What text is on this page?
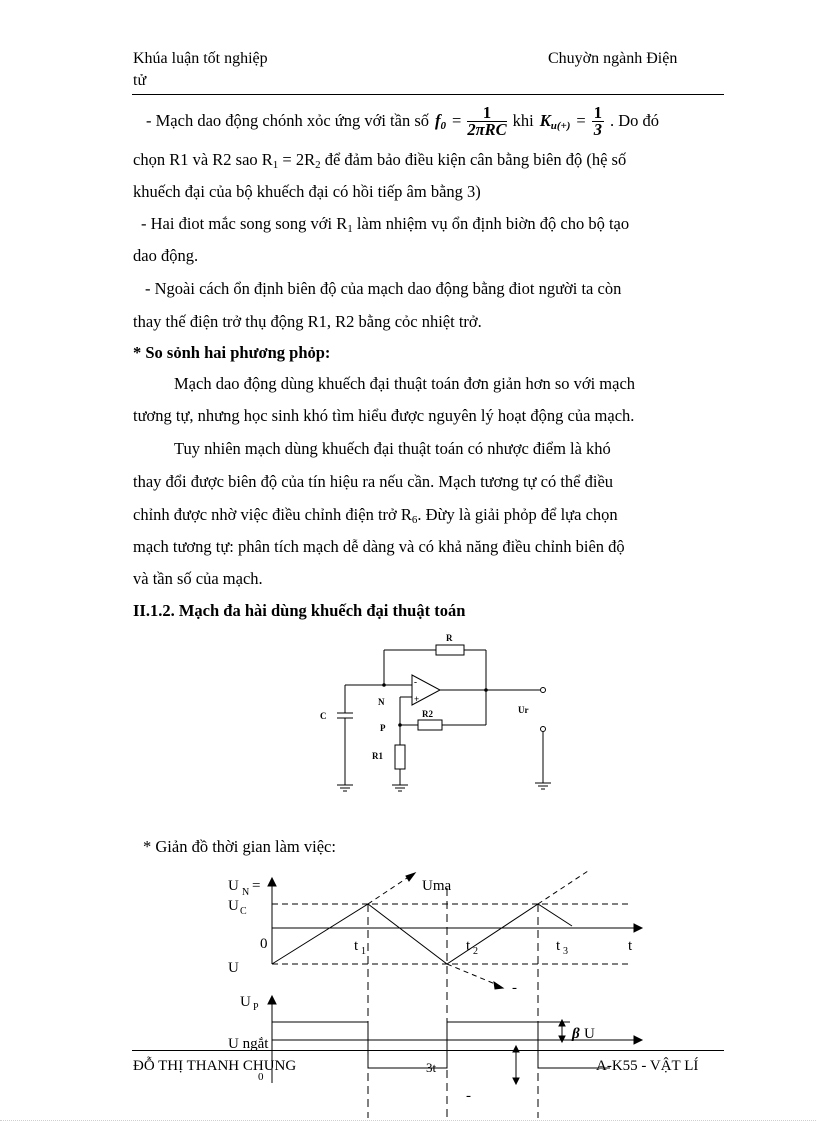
Khúa luận tốt nghiệp
tử
Chuyờn ngành Điện
- Mạch dao động chónh xỏc ứng với tần số $f_0 = \frac{1}{\text{2πRC}}$ khi $K_{u(+)} = \frac{1}{3}$ . Do đó
chọn R1 và R2 sao $R_1 = 2R_2$ để đảm bảo điều kiện cân bằng biên độ (hệ số
khuếch đại của bộ khuếch đại có hồi tiếp âm bằng 3)
- Hai điot mắc song song với $R_1$ làm nhiệm vụ ổn định biờn độ cho bộ tạo
dao động.
- Ngoài cách ổn định biên độ của mạch dao động bằng điot người ta còn
thay thế điện trở thụ động R1, R2 bằng cỏc nhiệt trở.
* So sỏnh hai phương phỏp:
Mạch dao động dùng khuếch đại thuật toán đơn giản hơn so với mạch
tương tự, nhưng học sinh khó tìm hiểu được nguyên lý hoạt động của mạch.
Tuy nhiên mạch dùng khuếch đại thuật toán có nhược điểm là khó
thay đổi được biên độ của tín hiệu ra nếu cần. Mạch tương tự có thể điều
chỉnh được nhờ việc điều chỉnh điện trở $R_6$. Đừy là giải phỏp để lựa chọn
mạch tương tự: phân tích mạch dễ dàng và có khả năng điều chỉnh biên độ
và tần số của mạch.
II.1.2. Mạch đa hài dùng khuếch đại thuật toán
R
N
P
R2
R1
C
Ur
-
+
* Giản đồ thời gian làm việc:
U N =	Uma
U C
0	t 1	t 2	t 3	t
U
-
U P
U ngắt
β U
0
3t
-
ĐỖ THỊ THANH CHUNG	A-K55 - VẬT LÍ
